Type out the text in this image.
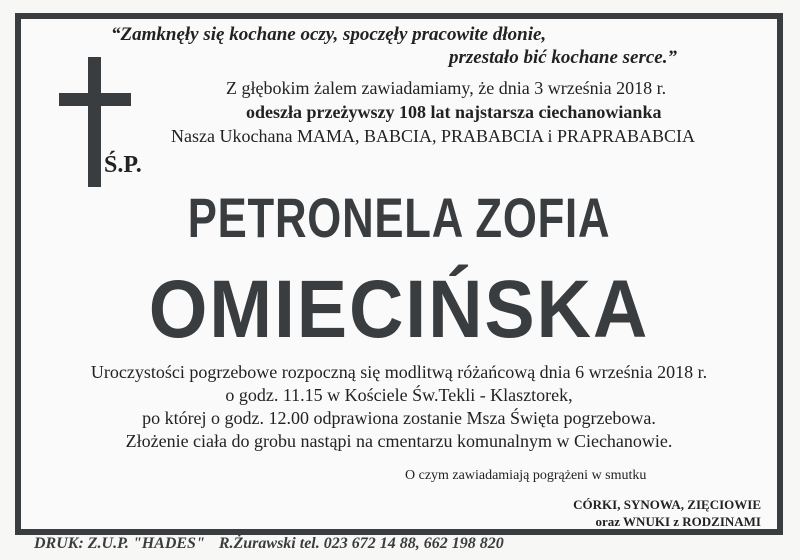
“Zamknęły się kochane oczy, spoczęły pracowite dłonie,
przestało bić kochane serce.”
Z głębokim żalem zawiadamiamy, że dnia 3 września 2018 r.
odeszła przeżywszy 108 lat najstarsza ciechanowianka
Nasza Ukochana MAMA, BABCIA, PRABABCIA i PRAPRABABCIA
Ś.P.
PETRONELA ZOFIA
OMIECIŃSKA
Uroczystości pogrzebowe rozpoczną się modlitwą różańcową dnia 6 września 2018 r.
o godz. 11.15 w Kościele Św.Tekli - Klasztorek,
po której o godz. 12.00 odprawiona zostanie Msza Święta pogrzebowa.
Złożenie ciała do grobu nastąpi na cmentarzu komunalnym w Ciechanowie.
O czym zawiadamiają pogrążeni w smutku
CÓRKI, SYNOWA, ZIĘCIOWIE
oraz WNUKI z RODZINAMI
DRUK: Z.U.P. "HADES" R.Żurawski tel. 023 672 14 88, 662 198 820
